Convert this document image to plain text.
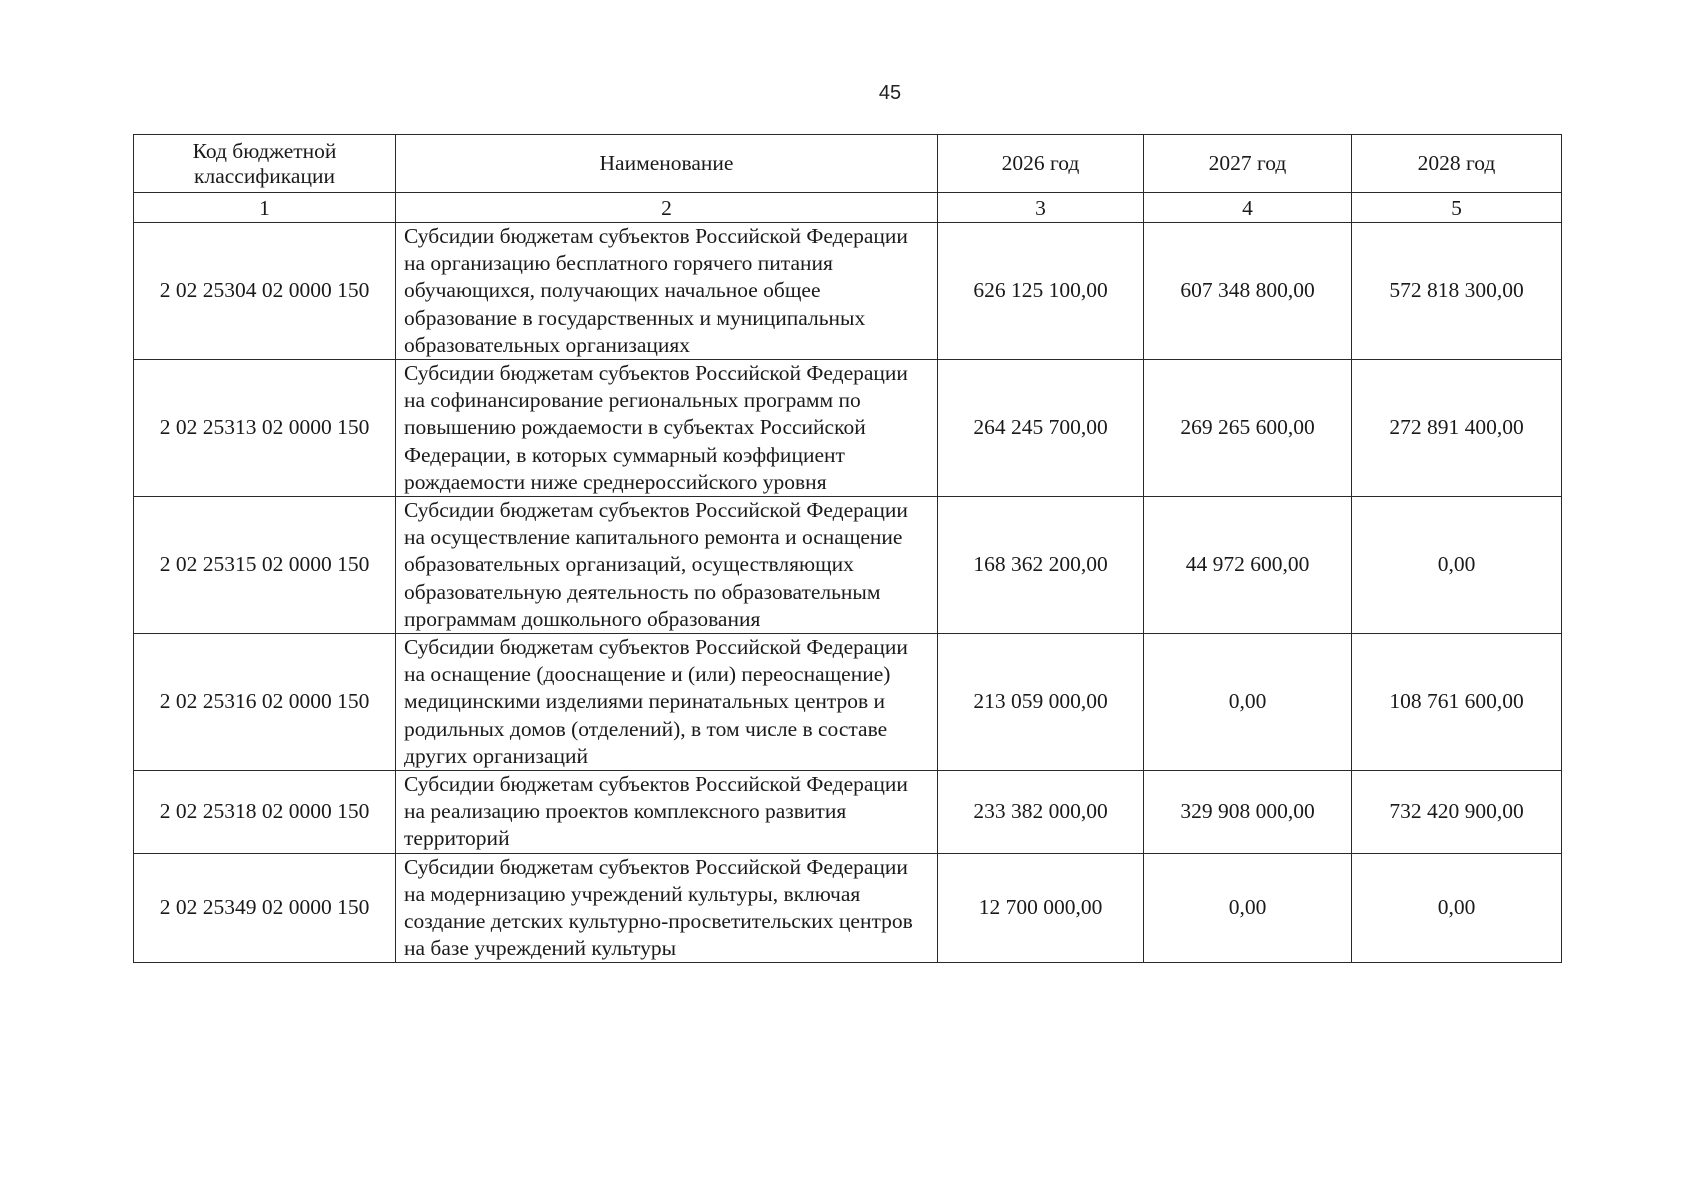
45
Код бюджетной классификации	Наименование	2026 год	2027 год	2028 год
1	2	3	4	5
2 02 25304 02 0000 150	Субсидии бюджетам субъектов Российской Федерации на организацию бесплатного горячего питания обучающихся, получающих начальное общее образование в государственных и муниципальных образовательных организациях	626 125 100,00	607 348 800,00	572 818 300,00
2 02 25313 02 0000 150	Субсидии бюджетам субъектов Российской Федерации на софинансирование региональных программ по повышению рождаемости в субъектах Российской Федерации, в которых суммарный коэффициент рождаемости ниже среднероссийского уровня	264 245 700,00	269 265 600,00	272 891 400,00
2 02 25315 02 0000 150	Субсидии бюджетам субъектов Российской Федерации на осуществление капитального ремонта и оснащение образовательных организаций, осуществляющих образовательную деятельность по образовательным программам дошкольного образования	168 362 200,00	44 972 600,00	0,00
2 02 25316 02 0000 150	Субсидии бюджетам субъектов Российской Федерации на оснащение (дооснащение и (или) переоснащение) медицинскими изделиями перинатальных центров и родильных домов (отделений), в том числе в составе других организаций	213 059 000,00	0,00	108 761 600,00
2 02 25318 02 0000 150	Субсидии бюджетам субъектов Российской Федерации на реализацию проектов комплексного развития территорий	233 382 000,00	329 908 000,00	732 420 900,00
2 02 25349 02 0000 150	Субсидии бюджетам субъектов Российской Федерации на модернизацию учреждений культуры, включая создание детских культурно-просветительских центров на базе учреждений культуры	12 700 000,00	0,00	0,00
